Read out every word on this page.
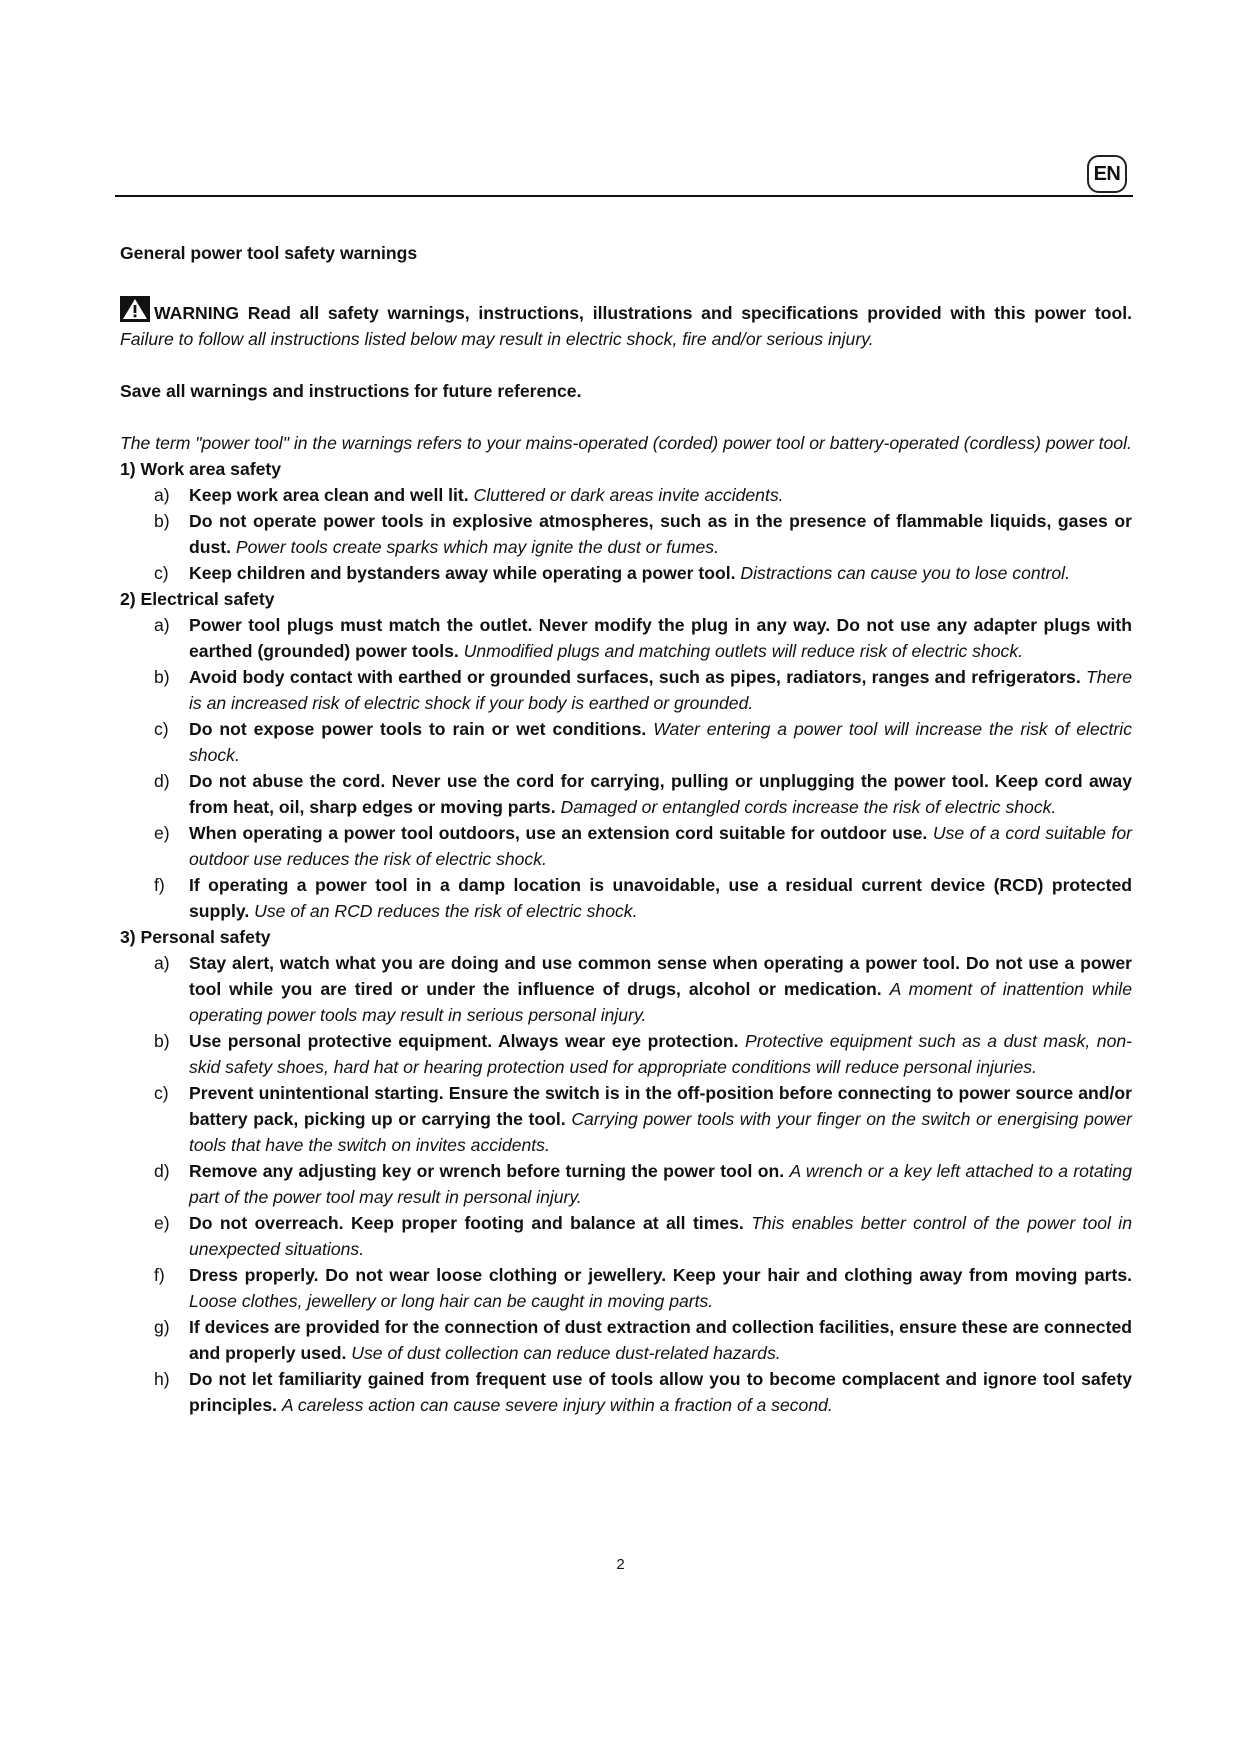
EN

General power tool safety warnings

WARNING Read all safety warnings, instructions, illustrations and specifications provided with this power tool. Failure to follow all instructions listed below may result in electric shock, fire and/or serious injury.

Save all warnings and instructions for future reference.

The term "power tool" in the warnings refers to your mains-operated (corded) power tool or battery-operated (cordless) power tool.

1) Work area safety

a) Keep work area clean and well lit. Cluttered or dark areas invite accidents.
b) Do not operate power tools in explosive atmospheres, such as in the presence of flammable liquids, gases or dust. Power tools create sparks which may ignite the dust or fumes.
c) Keep children and bystanders away while operating a power tool. Distractions can cause you to lose control.

2) Electrical safety

a) Power tool plugs must match the outlet. Never modify the plug in any way. Do not use any adapter plugs with earthed (grounded) power tools. Unmodified plugs and matching outlets will reduce risk of electric shock.
b) Avoid body contact with earthed or grounded surfaces, such as pipes, radiators, ranges and refrigerators. There is an increased risk of electric shock if your body is earthed or grounded.
c) Do not expose power tools to rain or wet conditions. Water entering a power tool will increase the risk of electric shock.
d) Do not abuse the cord. Never use the cord for carrying, pulling or unplugging the power tool. Keep cord away from heat, oil, sharp edges or moving parts. Damaged or entangled cords increase the risk of electric shock.
e) When operating a power tool outdoors, use an extension cord suitable for outdoor use. Use of a cord suitable for outdoor use reduces the risk of electric shock.
f) If operating a power tool in a damp location is unavoidable, use a residual current device (RCD) protected supply. Use of an RCD reduces the risk of electric shock.

3) Personal safety

a) Stay alert, watch what you are doing and use common sense when operating a power tool. Do not use a power tool while you are tired or under the influence of drugs, alcohol or medication. A moment of inattention while operating power tools may result in serious personal injury.
b) Use personal protective equipment. Always wear eye protection. Protective equipment such as a dust mask, non-skid safety shoes, hard hat or hearing protection used for appropriate conditions will reduce personal injuries.
c) Prevent unintentional starting. Ensure the switch is in the off-position before connecting to power source and/or battery pack, picking up or carrying the tool. Carrying power tools with your finger on the switch or energising power tools that have the switch on invites accidents.
d) Remove any adjusting key or wrench before turning the power tool on. A wrench or a key left attached to a rotating part of the power tool may result in personal injury.
e) Do not overreach. Keep proper footing and balance at all times. This enables better control of the power tool in unexpected situations.
f) Dress properly. Do not wear loose clothing or jewellery. Keep your hair and clothing away from moving parts. Loose clothes, jewellery or long hair can be caught in moving parts.
g) If devices are provided for the connection of dust extraction and collection facilities, ensure these are connected and properly used. Use of dust collection can reduce dust-related hazards.
h) Do not let familiarity gained from frequent use of tools allow you to become complacent and ignore tool safety principles. A careless action can cause severe injury within a fraction of a second.
2
